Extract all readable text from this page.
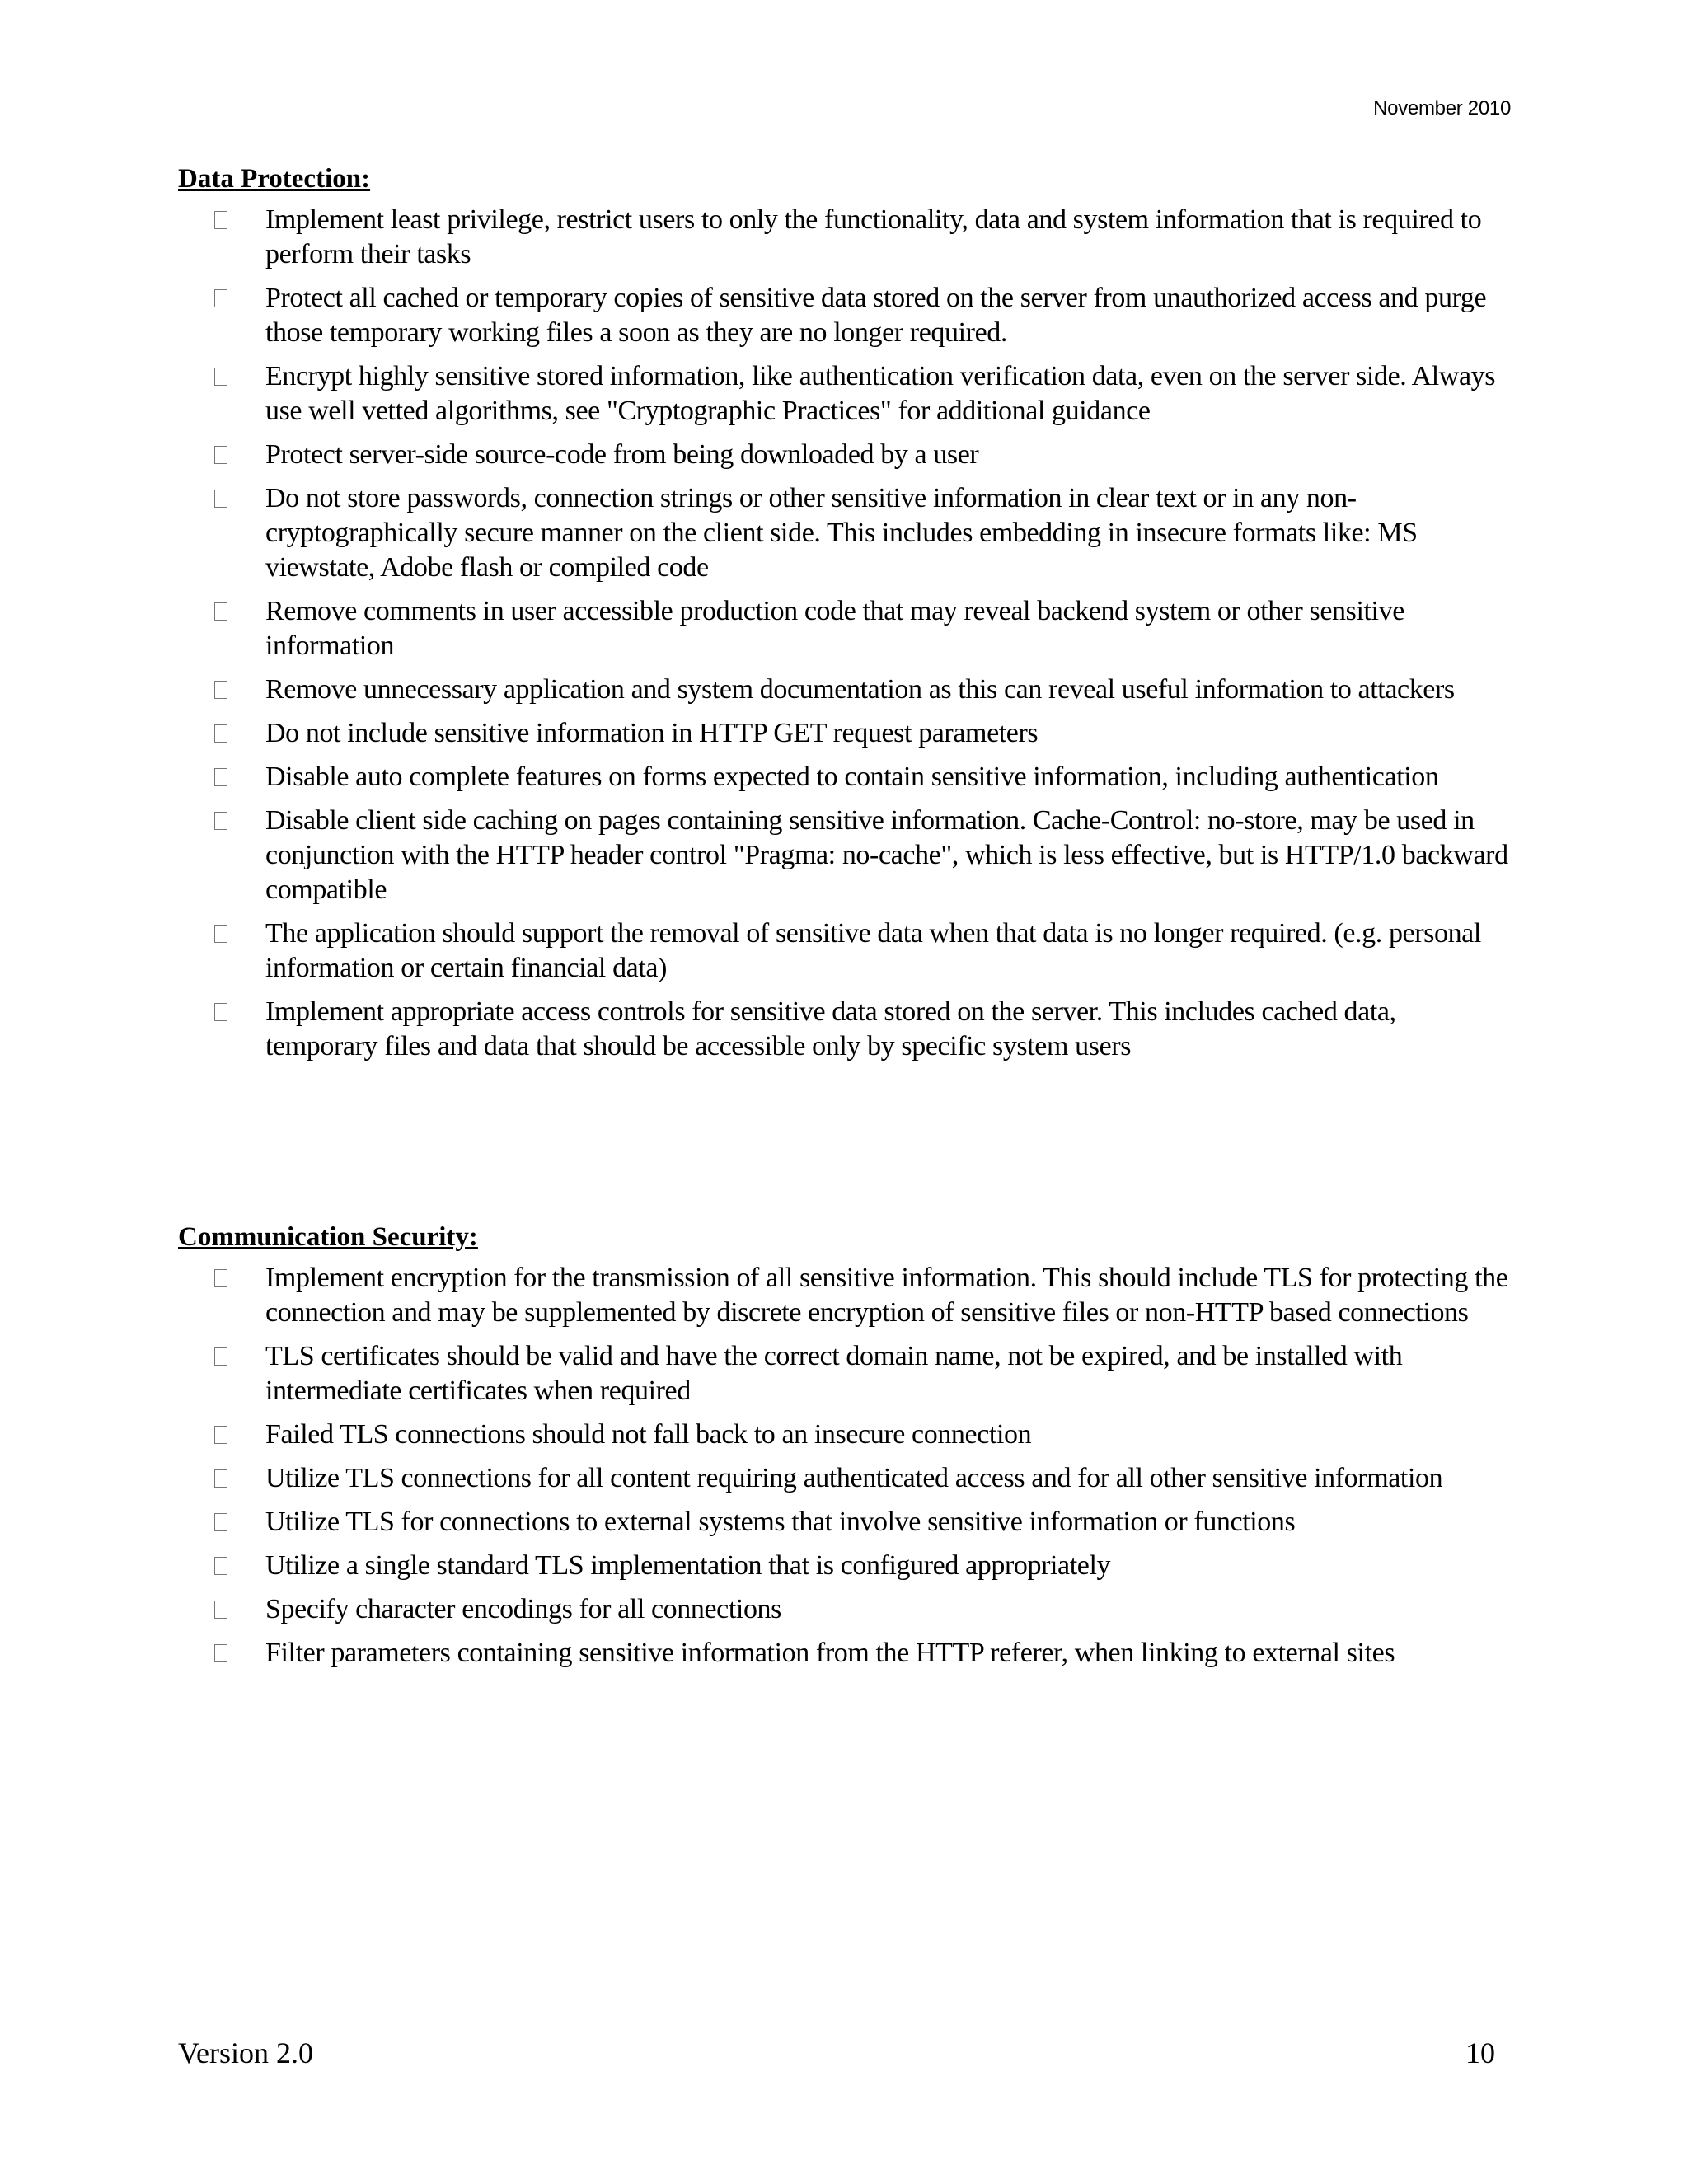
November 2010
Data Protection:
Implement least privilege, restrict users to only the functionality, data and system information that is required to perform their tasks
Protect all cached or temporary copies of sensitive data stored on the server from unauthorized access and purge those temporary working files a soon as they are no longer required.
Encrypt highly sensitive stored information, like authentication verification data, even on the server side. Always use well vetted algorithms, see "Cryptographic Practices" for additional guidance
Protect server-side source-code from being downloaded by a user
Do not store passwords, connection strings or other sensitive information in clear text or in any non-cryptographically secure manner on the client side. This includes embedding in insecure formats like: MS viewstate, Adobe flash or compiled code
Remove comments in user accessible production code that may reveal backend system or other sensitive information
Remove unnecessary application and system documentation as this can reveal useful information to attackers
Do not include sensitive information in HTTP GET request parameters
Disable auto complete features on forms expected to contain sensitive information, including authentication
Disable client side caching on pages containing sensitive information. Cache-Control: no-store, may be used in conjunction with the HTTP header control "Pragma: no-cache", which is less effective, but is HTTP/1.0 backward compatible
The application should support the removal of sensitive data when that data is no longer required. (e.g. personal information or certain financial data)
Implement appropriate access controls for sensitive data stored on the server. This includes cached data, temporary files and data that should be accessible only by specific system users
Communication Security:
Implement encryption for the transmission of all sensitive information. This should include TLS for protecting the connection and may be supplemented by discrete encryption of sensitive files or non-HTTP based connections
TLS certificates should be valid and have the correct domain name, not be expired, and be installed with intermediate certificates when required
Failed TLS connections should not fall back to an insecure connection
Utilize TLS connections for all content requiring authenticated access and for all other sensitive information
Utilize TLS for connections to external systems that involve sensitive information or functions
Utilize a single standard TLS implementation that is configured appropriately
Specify character encodings for all connections
Filter parameters containing sensitive information from the HTTP referer, when linking to external sites
Version 2.0	10
